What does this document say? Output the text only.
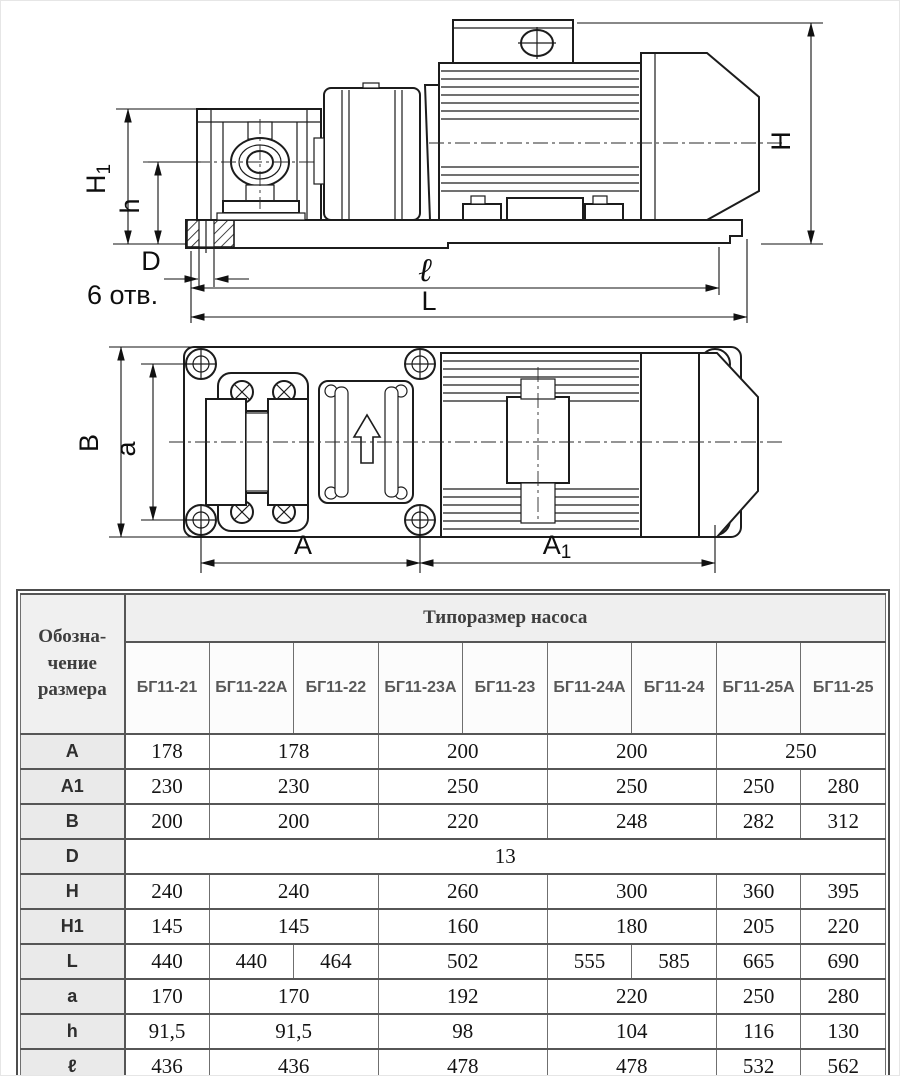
H1
h
D
6 отв.
ℓ
L
H
B a
A	A1
Обозна-чение размера	Типоразмер насоса								
	БГ11-21	БГ11-22А	БГ11-22	БГ11-23А	БГ11-23	БГ11-24А	БГ11-24	БГ11-25А	БГ11-25
A	178	178		200		200		250	
A1	230	230		250		250		250	280
B	200	200		220		248		282	312
D	13								
H	240	240		260		300		360	395
H1	145	145		160		180		205	220
L	440	440	464	502		555	585	665	690
a	170	170		192		220		250	280
h	91,5	91,5		98		104		116	130
ℓ	436	436		478		478		532	562
